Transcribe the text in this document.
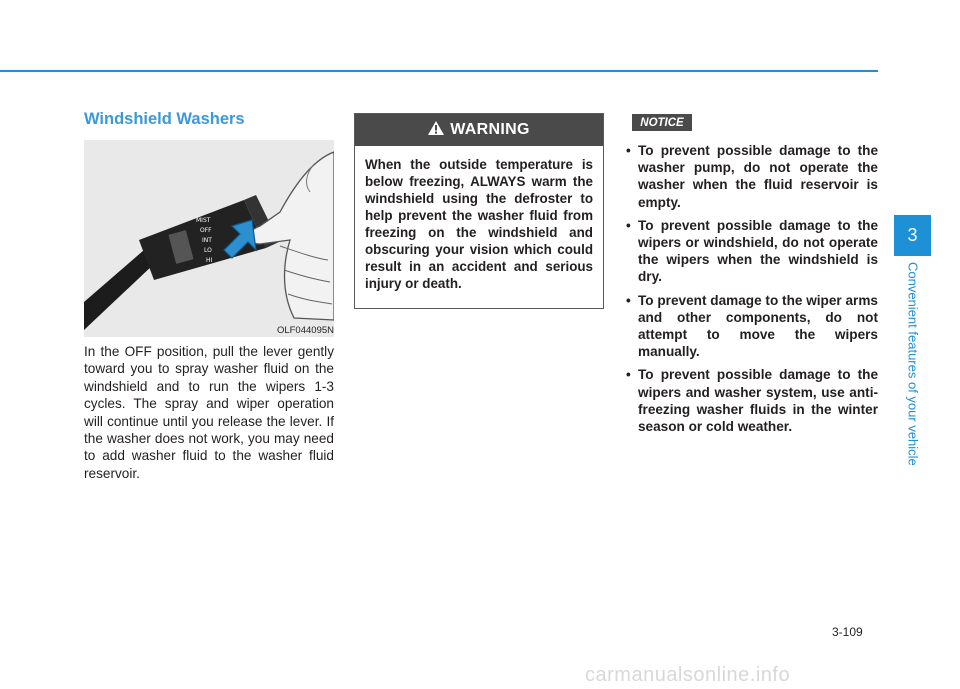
Windshield Washers
MIST
OFF
INT
LO
HI
OLF044095N

In the OFF position, pull the lever gently toward you to spray washer fluid on the windshield and to run the wipers 1-3 cycles. The spray and wiper operation will continue until you release the lever. If the washer does not work, you may need to add washer fluid to the washer fluid reservoir.

WARNING

When the outside temperature is below freezing, ALWAYS warm the windshield using the defroster to help prevent the washer fluid from freezing on the windshield and obscuring your vision which could result in an accident and serious injury or death.

NOTICE
• To prevent possible damage to the washer pump, do not operate the washer when the fluid reservoir is empty.
• To prevent possible damage to the wipers or windshield, do not operate the wipers when the windshield is dry.
• To prevent damage to the wiper arms and other components, do not attempt to move the wipers manually.
• To prevent possible damage to the wipers and washer system, use anti-freezing washer fluids in the winter season or cold weather.
3
Convenient features of your vehicle
3-109
carmanualsonline.info
